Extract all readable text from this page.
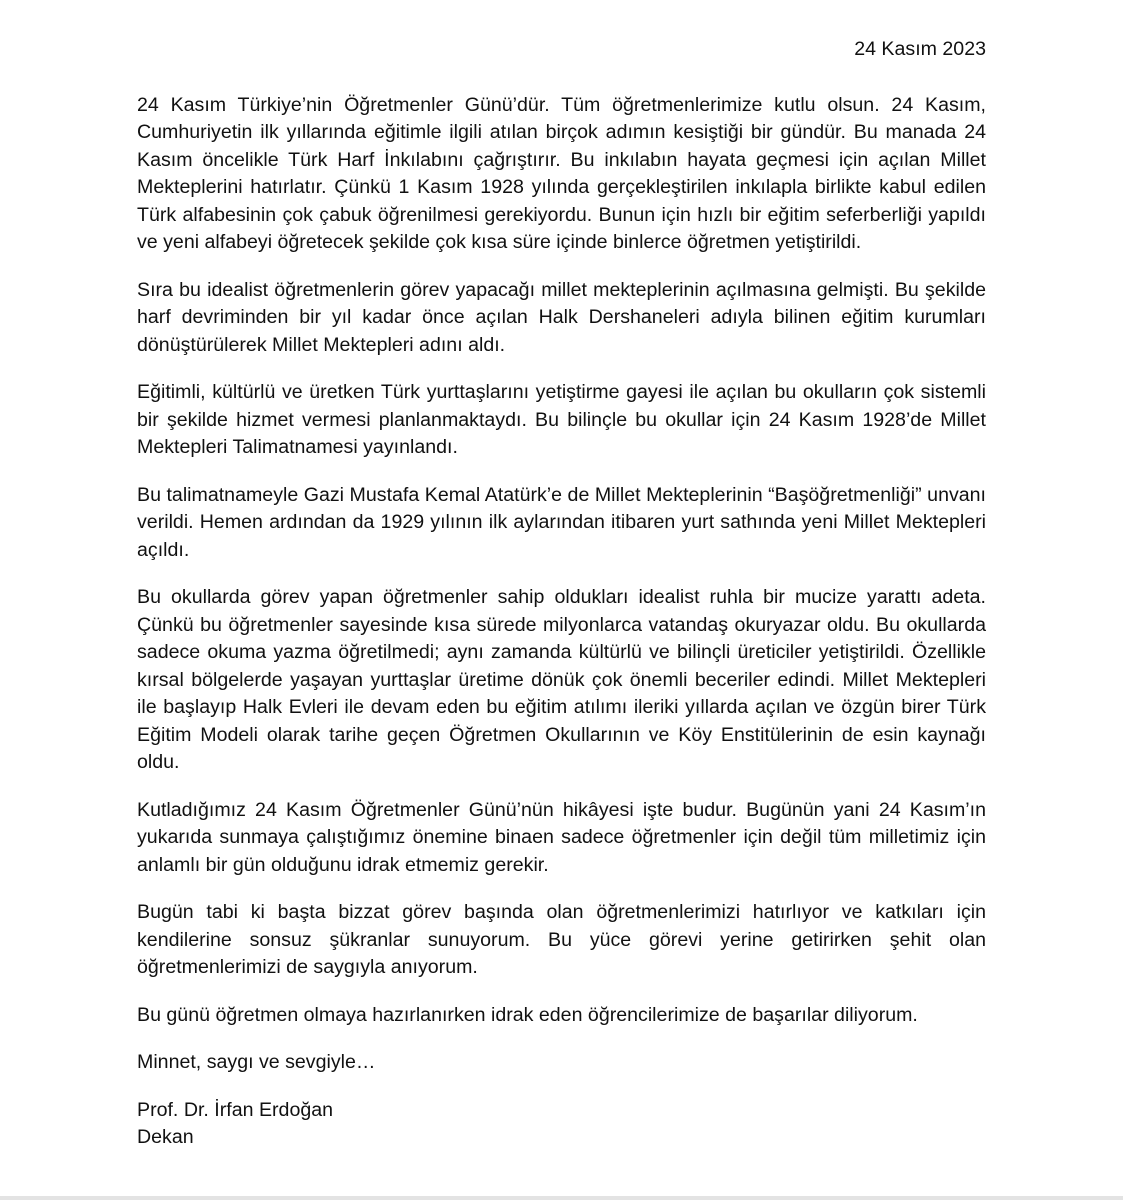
24 Kasım 2023

24 Kasım Türkiye’nin Öğretmenler Günü’dür. Tüm öğretmenlerimize kutlu olsun. 24 Kasım, Cumhuriyetin ilk yıllarında eğitimle ilgili atılan birçok adımın kesiştiği bir gündür. Bu manada 24 Kasım öncelikle Türk Harf İnkılabını çağrıştırır. Bu inkılabın hayata geçmesi için açılan Millet Mekteplerini hatırlatır. Çünkü 1 Kasım 1928 yılında gerçekleştirilen inkılapla birlikte kabul edilen Türk alfabesinin çok çabuk öğrenilmesi gerekiyordu. Bunun için hızlı bir eğitim seferberliği yapıldı ve yeni alfabeyi öğretecek şekilde çok kısa süre içinde binlerce öğretmen yetiştirildi.

Sıra bu idealist öğretmenlerin görev yapacağı millet mekteplerinin açılmasına gelmişti. Bu şekilde harf devriminden bir yıl kadar önce açılan Halk Dershaneleri adıyla bilinen eğitim kurumları dönüştürülerek Millet Mektepleri adını aldı.

Eğitimli, kültürlü ve üretken Türk yurttaşlarını yetiştirme gayesi ile açılan bu okulların çok sistemli bir şekilde hizmet vermesi planlanmaktaydı. Bu bilinçle bu okullar için 24 Kasım 1928’de Millet Mektepleri Talimatnamesi yayınlandı.

Bu talimatnameyle Gazi Mustafa Kemal Atatürk’e de Millet Mekteplerinin “Başöğretmenliği” unvanı verildi. Hemen ardından da 1929 yılının ilk aylarından itibaren yurt sathında yeni Millet Mektepleri açıldı.

Bu okullarda görev yapan öğretmenler sahip oldukları idealist ruhla bir mucize yarattı adeta. Çünkü bu öğretmenler sayesinde kısa sürede milyonlarca vatandaş okuryazar oldu. Bu okullarda sadece okuma yazma öğretilmedi; aynı zamanda kültürlü ve bilinçli üreticiler yetiştirildi. Özellikle kırsal bölgelerde yaşayan yurttaşlar üretime dönük çok önemli beceriler edindi. Millet Mektepleri ile başlayıp Halk Evleri ile devam eden bu eğitim atılımı ileriki yıllarda açılan ve özgün birer Türk Eğitim Modeli olarak tarihe geçen Öğretmen Okullarının ve Köy Enstitülerinin de esin kaynağı oldu.

Kutladığımız 24 Kasım Öğretmenler Günü’nün hikâyesi işte budur. Bugünün yani 24 Kasım’ın yukarıda sunmaya çalıştığımız önemine binaen sadece öğretmenler için değil tüm milletimiz için anlamlı bir gün olduğunu idrak etmemiz gerekir.

Bugün tabi ki başta bizzat görev başında olan öğretmenlerimizi hatırlıyor ve katkıları için kendilerine sonsuz şükranlar sunuyorum. Bu yüce görevi yerine getirirken şehit olan öğretmenlerimizi de saygıyla anıyorum.

Bu günü öğretmen olmaya hazırlanırken idrak eden öğrencilerimize de başarılar diliyorum.

Minnet, saygı ve sevgiyle…

Prof. Dr. İrfan Erdoğan
Dekan
